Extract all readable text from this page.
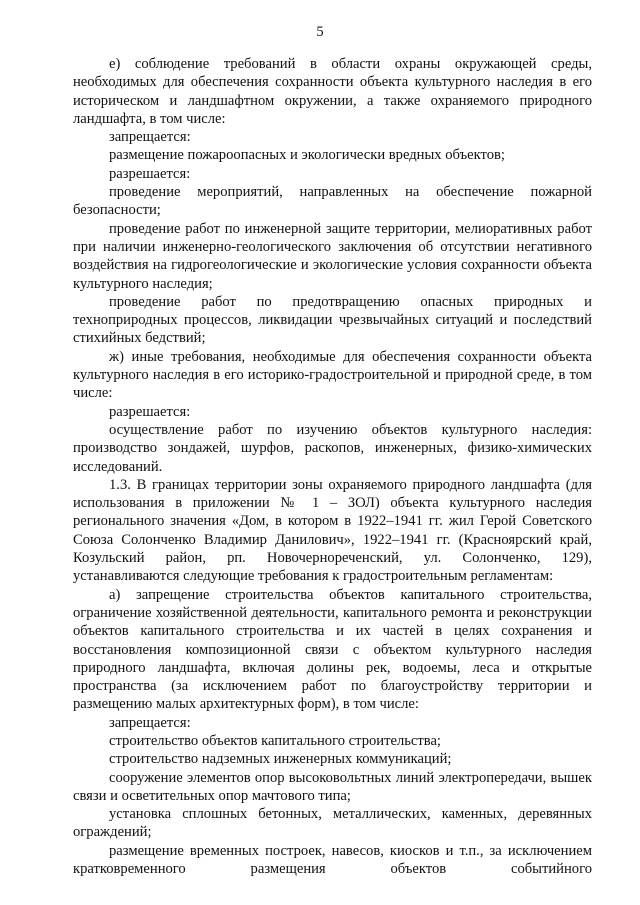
5

е) соблюдение требований в области охраны окружающей среды, необходимых для обеспечения сохранности объекта культурного наследия в его историческом и ландшафтном окружении, а также охраняемого природного ландшафта, в том числе:

запрещается:

размещение пожароопасных и экологически вредных объектов;

разрешается:

проведение мероприятий, направленных на обеспечение пожарной безопасности;

проведение работ по инженерной защите территории, мелиоративных работ при наличии инженерно-геологического заключения об отсутствии негативного воздействия на гидрогеологические и экологические условия сохранности объекта культурного наследия;

проведение работ по предотвращению опасных природных и техноприродных процессов, ликвидации чрезвычайных ситуаций и последствий стихийных бедствий;

ж) иные требования, необходимые для обеспечения сохранности объекта культурного наследия в его историко-градостроительной и природной среде, в том числе:

разрешается:

осуществление работ по изучению объектов культурного наследия: производство зондажей, шурфов, раскопов, инженерных, физико-химических исследований.

1.3. В границах территории зоны охраняемого природного ландшафта (для использования в приложении № 1 – ЗОЛ) объекта культурного наследия регионального значения «Дом, в котором в 1922–1941 гг. жил Герой Советского Союза Солонченко Владимир Данилович», 1922–1941 гг. (Красноярский край, Козульский район, рп. Новочернореченский, ул. Солонченко, 129), устанавливаются следующие требования к градостроительным регламентам:

а) запрещение строительства объектов капитального строительства, ограничение хозяйственной деятельности, капитального ремонта и реконструкции объектов капитального строительства и их частей в целях сохранения и восстановления композиционной связи с объектом культурного наследия природного ландшафта, включая долины рек, водоемы, леса и открытые пространства (за исключением работ по благоустройству территории и размещению малых архитектурных форм), в том числе:

запрещается:

строительство объектов капитального строительства;

строительство надземных инженерных коммуникаций;

сооружение элементов опор высоковольтных линий электропередачи, вышек связи и осветительных опор мачтового типа;

установка сплошных бетонных, металлических, каменных, деревянных ограждений;

размещение временных построек, навесов, киосков и т.п., за исключением кратковременного размещения объектов событийного
